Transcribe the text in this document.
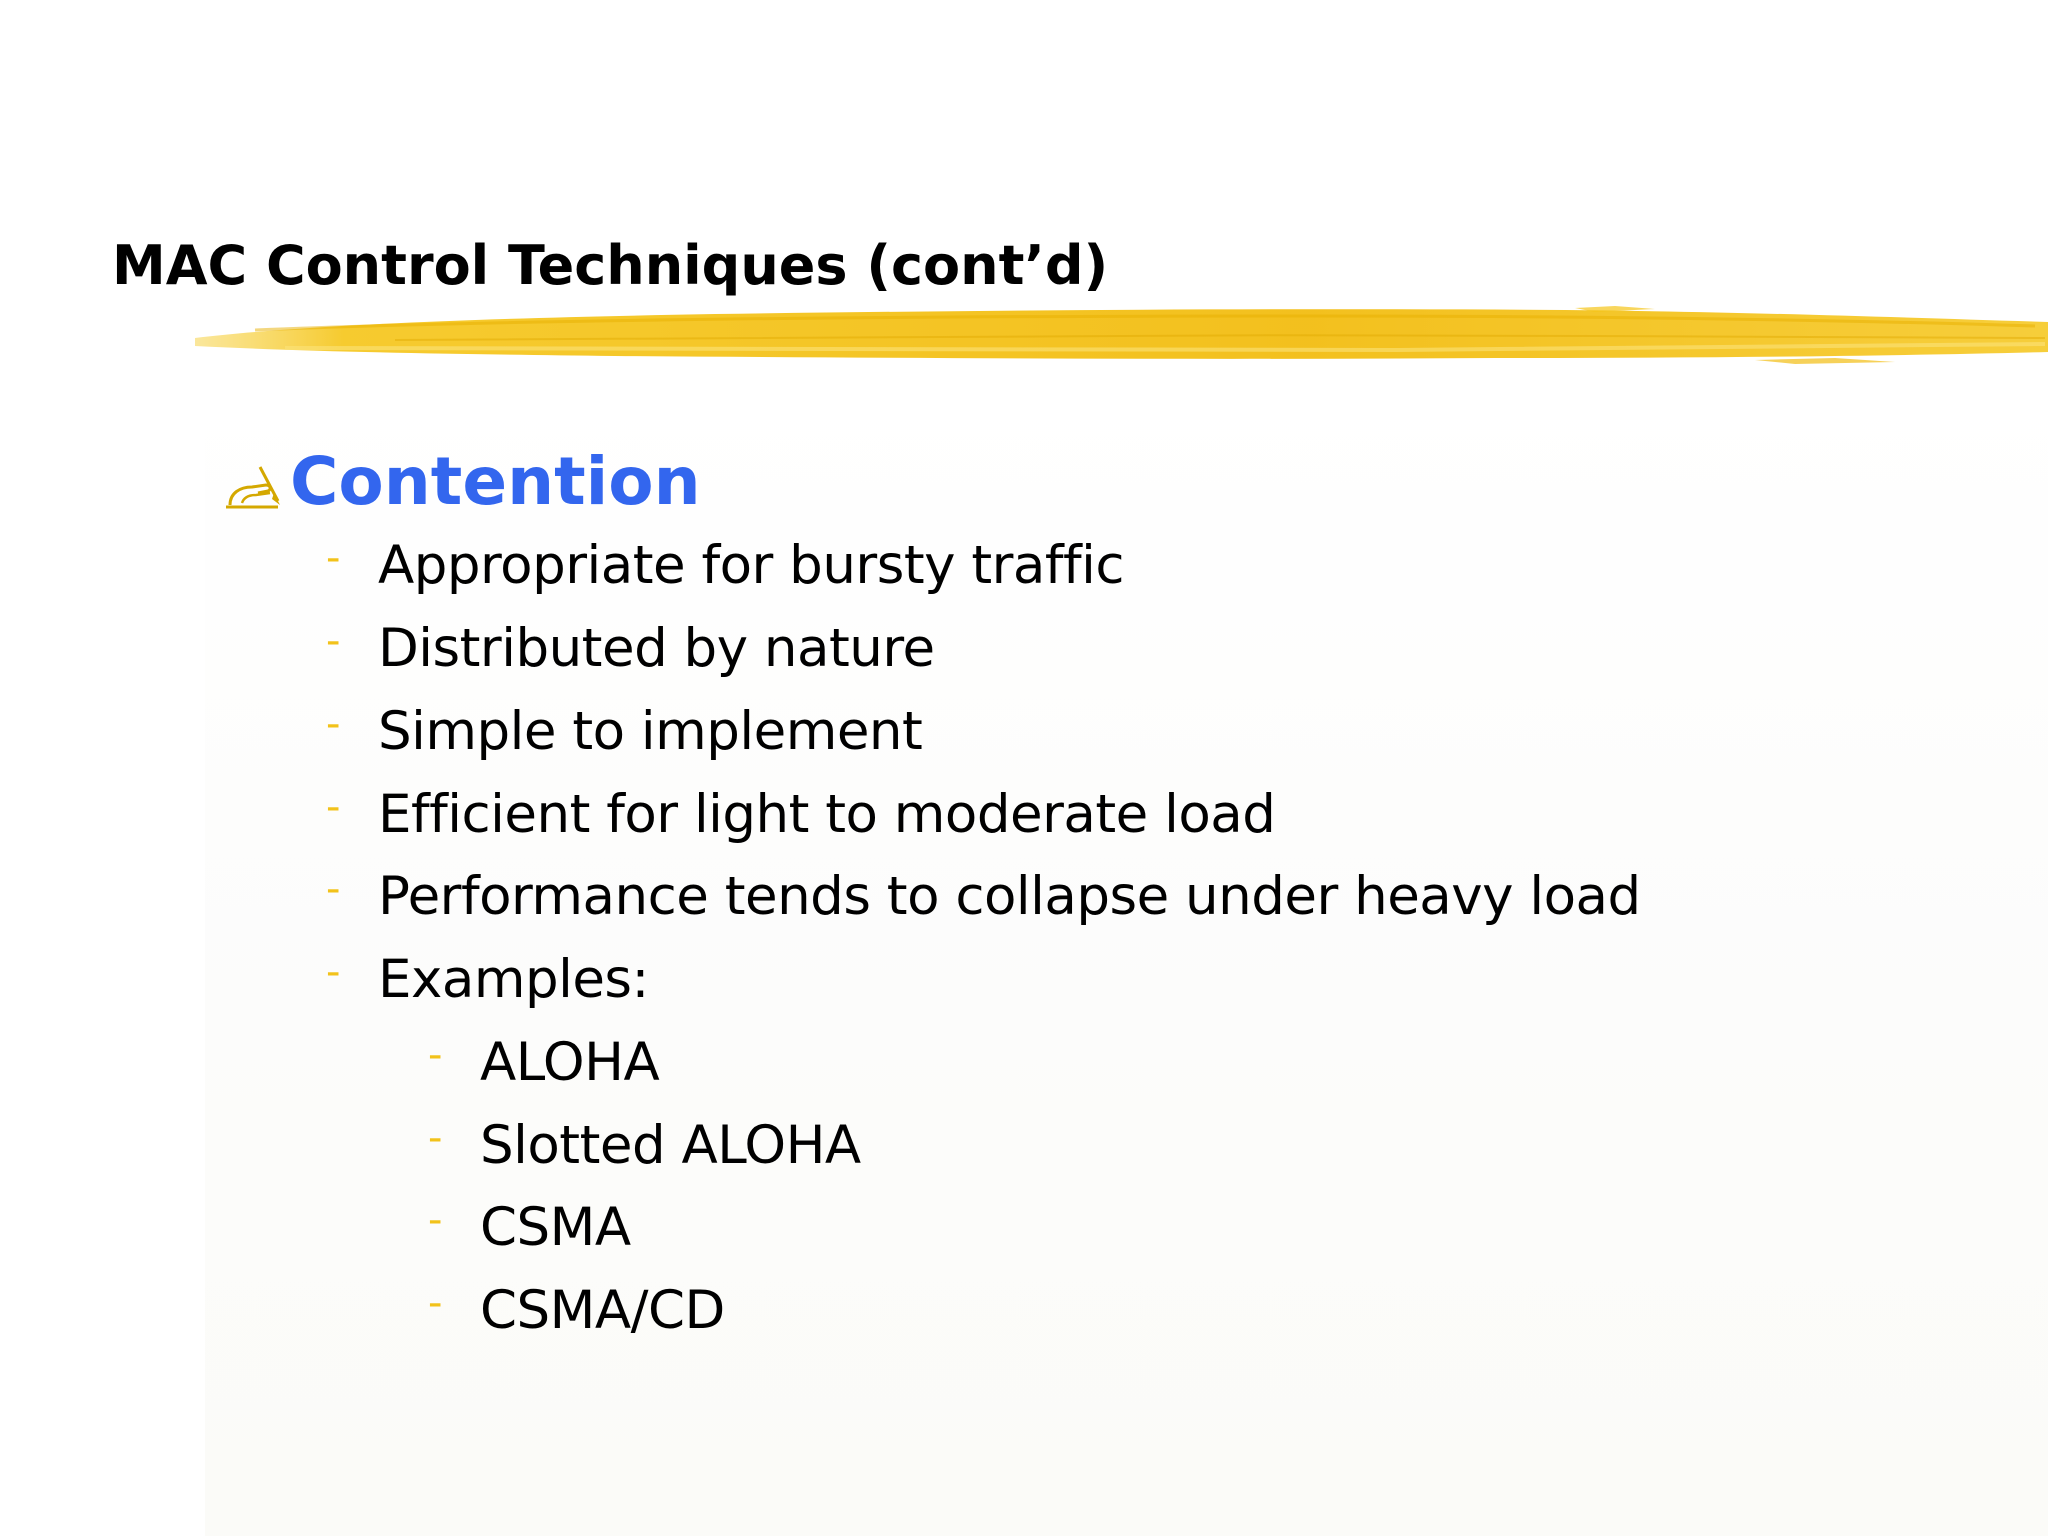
MAC Control Techniques (cont’d)
Contention
- Appropriate for bursty traffic
- Distributed by nature
- Simple to implement
- Efficient for light to moderate load
- Performance tends to collapse under heavy load
- Examples:
- ALOHA
- Slotted ALOHA
- CSMA
- CSMA/CD
